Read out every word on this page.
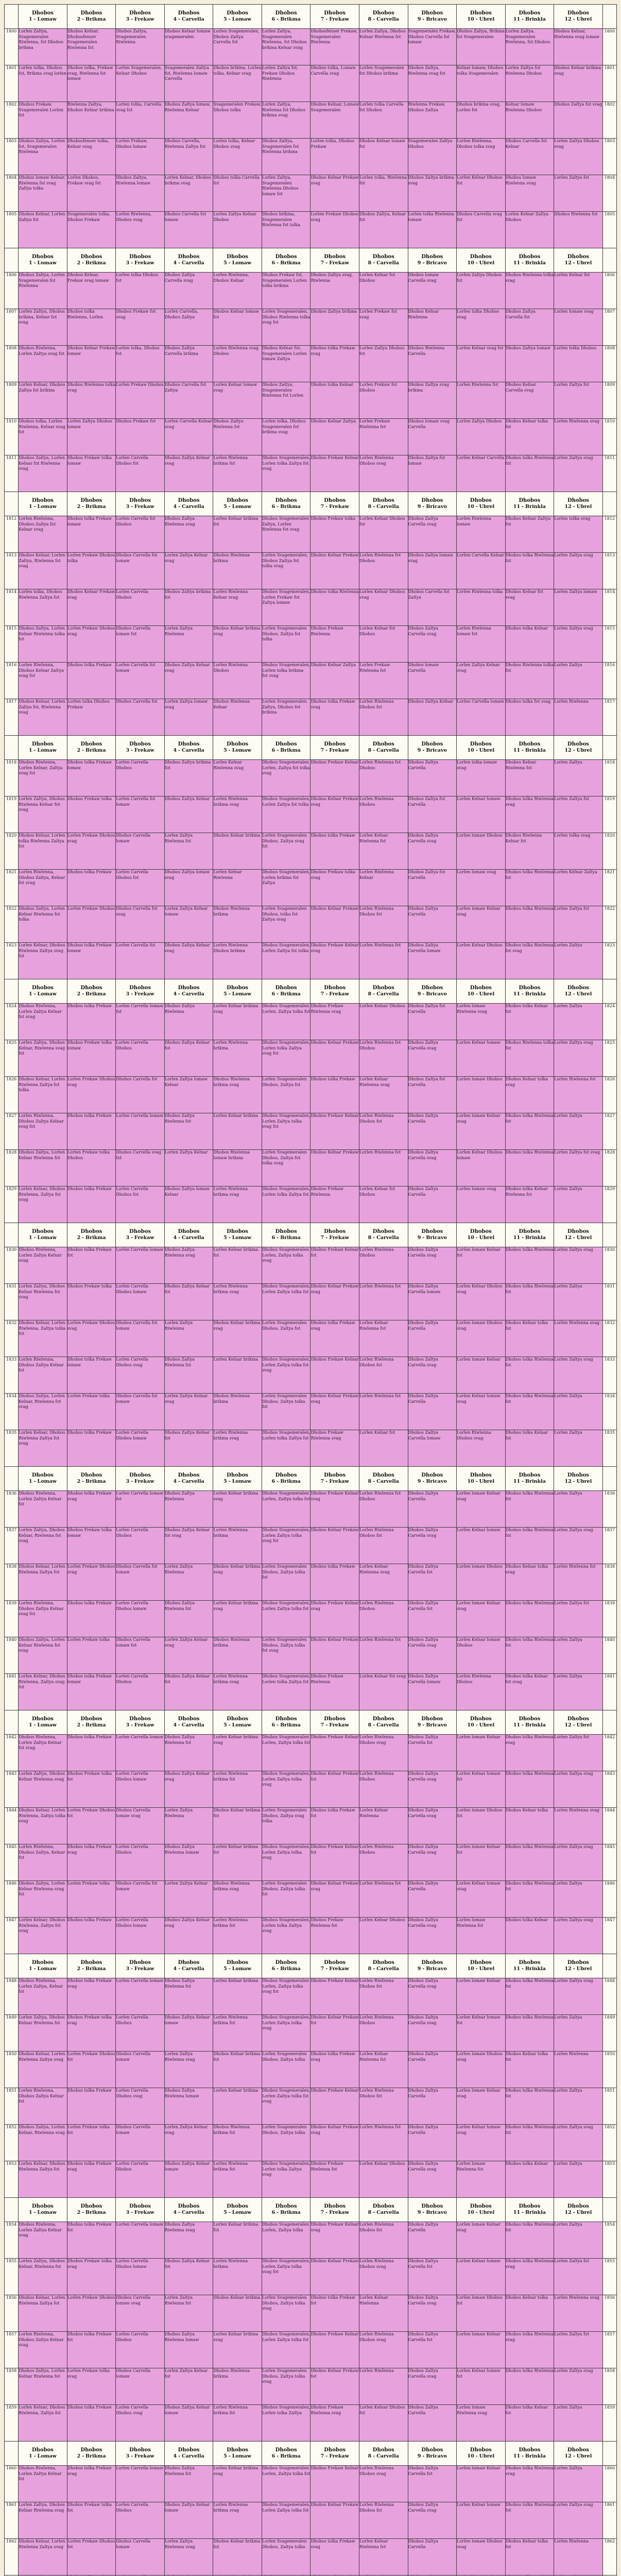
	Dhobos
1 - Lomaw	Dhobos
2 - Brikma	Dhobos
3 - Frekaw	Dhobos
4 - Carvella	Dhobos
5 - Lomaw	Dhobos
6 - Brikma	Dhobos
7 - Frekaw	Dhobos
8 - Carvella	Dhobos
9 - Bricavo	Dhobos
10 - Ubrel	Dhobos
11 - Brinkla	Dhobos
12 - Ubrel	

1800	Lorlen Zaltya, Svagemeralen Riwlenna, fot Dhobos brikma	Dhobos Kelnar, Dhobosfenser Svagemeralen Riwlenna fot	Dhobos Zaltya, Svagemeralen Riwlenna	Dhobos Kelnar lomaw svagemeralen	Lorlen Svagemeralen, Dhobos Zaltya Carvella fot	Lorlen Zaltya, Svagemeralen Riwlenna, fot Dhobos brikma Kelnar svag	Dhobosfenser Frekaw, Svagemeralen Riwlenna	Lorlen Zaltya, Dhobos Kelnar Riwlenna fot	Svagemeralen Frekaw, Dhobos Carvella fot lomaw	Dhobos Zaltya, Brikma fot Svagemeralen	Lorlen Zaltya, Svagemeralen Riwlenna, fot Dhobos	Dhobos Kelnar, Riwlenna svag lomaw	1800
1801	Lorlen tolka, Dhobos fot, Brikma svag lorlen	Dhobos tolka, Frekaw svag, Riwlenna fot lomaw	Lorlen Svagemeralen, Kelnar Dhobos	Svagemeralen Zaltya fot, Riwlenna lomaw Carvella	Dhobos brikma, Lorlen tolka, Kelnar svag	Lorlen Zaltya fot, Frekaw Dhobos Riwlenna	Dhobos tolka, Lomaw Carvella svag	Lorlen Svagemeralen fot Dhobos brikma	Dhobos Zaltya, Riwlenna svag fot	Kelnar lomaw, Dhobos tolka Svagemeralen	Lorlen Zaltya fot Riwlenna Dhobos	Dhobos Kelnar brikma svag	1801
1802	Dhobos Frekaw, Svagemeralen Lorlen fot	Riwlenna Zaltya, Dhobos Kelnar brikma	Lorlen tolka, Carvella svag fot	Dhobos Zaltya lomaw, Riwlenna Kelnar	Svagemeralen Frekaw, Dhobos tolka	Lorlen Zaltya, Riwlenna fot Dhobos brikma svag	Dhobos Kelnar, Lomaw Svagemeralen	Lorlen tolka Carvella fot Dhobos	Riwlenna Frekaw, Dhobos Zaltya	Dhobos brikma svag, Lorlen fot	Kelnar lomaw Riwlenna Dhobos	Dhobos Zaltya fot svag	1802
1803	Dhobos Zaltya, Lorlen fot, Svagemeralen Riwlenna	Dhobosfenser tolka, Kelnar svag	Lorlen Frekaw, Dhobos lomaw	Dhobos Carvella, Riwlenna Zaltya fot	Lorlen tolka, Kelnar Dhobos svag	Dhobos Zaltya, Svagemeralen fot Riwlenna brikma	Lorlen tolka, Dhobos Frekaw	Dhobos Kelnar lomaw fot	Svagemeralen Zaltya Dhobos	Lorlen Riwlenna, Dhobos tolka svag	Dhobos Carvella fot Kelnar	Lorlen Zaltya Dhobos svag	1803
1804	Dhobos lomaw Kelnar, Riwlenna fot svag Zaltya tolka	Lorlen Dhobos, Frekaw svag fot	Dhobos Zaltya, Riwlenna lomaw	Lorlen Kelnar, Dhobos brikma svag	Dhobos tolka Carvella fot	Lorlen Zaltya, Svagemeralen Riwlenna Dhobos lomaw fot	Dhobos Kelnar Frekaw svag	Lorlen tolka, Riwlenna fot	Dhobos Zaltya brikma svag	Lorlen Kelnar Dhobos fot	Dhobos lomaw Riwlenna svag	Lorlen Zaltya fot	1804
1805	Dhobos Kelnar, Lorlen Zaltya fot	Svagemeralen tolka, Dhobos Frekaw	Lorlen Riwlenna, Dhobos svag	Dhobos Carvella fot lomaw	Lorlen Zaltya Kelnar Dhobos	Dhobos brikma, Svagemeralen Riwlenna fot tolka	Lorlen Frekaw Dhobos svag	Dhobos Zaltya, Kelnar fot	Lorlen tolka Riwlenna lomaw	Dhobos Carvella svag fot	Lorlen Kelnar Zaltya Dhobos	Dhobos Riwlenna fot	1805

	Dhobos
1 - Lomaw	Dhobos
2 - Brikma	Dhobos
3 - Frekaw	Dhobos
4 - Carvella	Dhobos
5 - Lomaw	Dhobos
6 - Brikma	Dhobos
7 - Frekaw	Dhobos
8 - Carvella	Dhobos
9 - Bricavo	Dhobos
10 - Ubrel	Dhobos
11 - Brinkla	Dhobos
12 - Ubrel	

1806	Dhobos Zaltya, Lorlen Svagemeralen fot Riwlenna	Dhobos Kelnar, Frekaw svag lomaw	Lorlen tolka Dhobos fot	Dhobos Zaltya Carvella svag	Lorlen Riwlenna, Dhobos Kelnar	Dhobos Frekaw fot, Svagemeralen Lorlen tolka brikma	Dhobos Zaltya svag, Riwlenna	Lorlen Kelnar fot Dhobos	Dhobos lomaw Carvella svag	Lorlen Zaltya Dhobos fot	Dhobos Riwlenna tolka svag	Lorlen Kelnar fot	1806
1807	Lorlen Zaltya, Dhobos brikma, Kelnar fot svag	Dhobos tolka Riwlenna, Lorlen	Dhobos Frekaw fot svag	Lorlen Carvella, Dhobos Zaltya	Dhobos Kelnar lomaw fot	Lorlen Svagemeralen, Dhobos Riwlenna tolka svag fot	Dhobos Zaltya brikma	Lorlen Frekaw fot svag	Dhobos Kelnar Riwlenna	Lorlen tolka Dhobos svag	Dhobos Zaltya Carvella fot	Lorlen lomaw svag	1807
1808	Dhobos Riwlenna, Lorlen Zaltya svag fot	Dhobos Kelnar Frekaw lomaw	Lorlen tolka, Dhobos fot	Dhobos Zaltya Carvella brikma	Lorlen Riwlenna svag Dhobos	Dhobos Kelnar fot, Svagemeralen Lorlen lomaw Zaltya	Dhobos tolka Frekaw svag	Lorlen Zaltya Dhobos fot	Dhobos Riwlenna Carvella	Lorlen Kelnar svag fot	Dhobos Zaltya lomaw	Lorlen tolka Dhobos	1808
1809	Lorlen Kelnar, Dhobos Zaltya fot brikma	Dhobos Riwlenna tolka svag	Lorlen Frekaw Dhobos	Dhobos Carvella fot Zaltya	Lorlen Kelnar lomaw svag	Dhobos Zaltya, Svagemeralen Riwlenna fot Lorlen	Dhobos tolka Kelnar	Lorlen Frekaw fot Dhobos	Dhobos Zaltya svag brikma	Lorlen Riwlenna fot	Dhobos Kelnar Carvella svag	Lorlen Zaltya fot	1809
1810	Dhobos tolka, Lorlen Riwlenna, Kelnar svag fot	Lorlen Zaltya Dhobos lomaw	Dhobos Frekaw fot	Lorlen Carvella Kelnar svag	Dhobos Zaltya Riwlenna fot	Lorlen tolka, Dhobos Svagemeralen fot brikma svag	Dhobos Kelnar Zaltya	Lorlen Frekaw Riwlenna fot	Dhobos lomaw svag Carvella	Lorlen Zaltya Dhobos	Dhobos Kelnar tolka fot	Lorlen Riwlenna svag	1810
1811	Dhobos Zaltya, Lorlen Kelnar fot Riwlenna svag	Dhobos Frekaw tolka lomaw	Lorlen Carvella Dhobos fot	Dhobos Zaltya Kelnar svag	Lorlen Riwlenna brikma fot	Dhobos Svagemeralen, Lorlen tolka Zaltya fot svag	Dhobos Frekaw Kelnar	Lorlen Riwlenna Dhobos svag	Dhobos Zaltya fot lomaw	Lorlen Kelnar Carvella	Dhobos tolka Riwlenna fot	Lorlen Zaltya svag	1811

	Dhobos
1 - Lomaw	Dhobos
2 - Brikma	Dhobos
3 - Frekaw	Dhobos
4 - Carvella	Dhobos
5 - Lomaw	Dhobos
6 - Brikma	Dhobos
7 - Frekaw	Dhobos
8 - Carvella	Dhobos
9 - Bricavo	Dhobos
10 - Ubrel	Dhobos
11 - Brinkla	Dhobos
12 - Ubrel	

1812	Lorlen Riwlenna, Dhobos Zaltya fot Kelnar svag	Dhobos tolka Frekaw lomaw	Lorlen Carvella fot Dhobos	Dhobos Zaltya Riwlenna svag	Lorlen Kelnar brikma fot	Dhobos Svagemeralen Zaltya, Lorlen Riwlenna fot svag	Dhobos Frekaw tolka	Lorlen Kelnar Dhobos fot	Dhobos Zaltya Carvella svag	Lorlen Riwlenna lomaw	Dhobos Kelnar Zaltya fot	Lorlen tolka svag	1812
1813	Dhobos Kelnar, Lorlen Zaltya, Riwlenna fot svag	Lorlen Frekaw Dhobos tolka	Dhobos Carvella fot lomaw	Lorlen Zaltya Kelnar svag	Dhobos Riwlenna brikma	Lorlen Svagemeralen, Dhobos Zaltya fot tolka svag	Dhobos Kelnar Frekaw	Lorlen Riwlenna fot Dhobos	Dhobos Zaltya lomaw svag	Lorlen Carvella Kelnar	Dhobos tolka Riwlenna fot	Lorlen Zaltya svag	1813
1814	Lorlen tolka, Dhobos Riwlenna Zaltya fot	Dhobos Kelnar Frekaw svag	Lorlen Carvella Dhobos	Dhobos Zaltya brikma fot	Lorlen Riwlenna Kelnar svag	Dhobos Svagemeralen, Lorlen Frekaw fot Zaltya lomaw	Dhobos tolka Riwlenna	Lorlen Kelnar Dhobos svag	Dhobos Carvella fot Zaltya	Lorlen Riwlenna tolka	Dhobos Kelnar fot svag	Lorlen Zaltya lomaw	1814
1815	Dhobos Zaltya, Lorlen Kelnar Riwlenna tolka fot	Lorlen Frekaw Dhobos svag	Dhobos Carvella lomaw fot	Lorlen Zaltya Riwlenna	Dhobos Kelnar brikma svag	Lorlen Svagemeralen Dhobos, Zaltya fot tolka	Dhobos Frekaw Riwlenna	Lorlen Kelnar fot Dhobos	Dhobos Zaltya Carvella svag	Lorlen Riwlenna lomaw fot	Dhobos tolka Kelnar	Lorlen Zaltya svag	1815
1816	Lorlen Riwlenna, Dhobos Kelnar Zaltya svag fot	Dhobos tolka Frekaw	Lorlen Carvella fot lomaw	Dhobos Zaltya Kelnar svag	Lorlen Riwlenna Dhobos	Dhobos Svagemeralen, Lorlen tolka brikma fot svag	Dhobos Kelnar Zaltya	Lorlen Frekaw Riwlenna fot	Dhobos lomaw Carvella	Lorlen Zaltya Kelnar svag	Dhobos Riwlenna tolka fot	Lorlen Zaltya	1816
1817	Dhobos Kelnar, Lorlen Zaltya fot, Riwlenna svag	Lorlen tolka Dhobos Frekaw	Dhobos Carvella fot	Lorlen Zaltya lomaw svag	Dhobos Riwlenna Kelnar	Lorlen Svagemeralen Zaltya, Dhobos fot brikma	Dhobos tolka Frekaw svag	Lorlen Riwlenna Dhobos fot	Dhobos Zaltya Kelnar	Lorlen Carvella lomaw	Dhobos tolka fot svag	Lorlen Riwlenna	1817

	Dhobos
1 - Lomaw	Dhobos
2 - Brikma	Dhobos
3 - Frekaw	Dhobos
4 - Carvella	Dhobos
5 - Lomaw	Dhobos
6 - Brikma	Dhobos
7 - Frekaw	Dhobos
8 - Carvella	Dhobos
9 - Bricavo	Dhobos
10 - Ubrel	Dhobos
11 - Brinkla	Dhobos
12 - Ubrel	

1818	Dhobos Riwlenna, Lorlen Kelnar, Zaltya svag fot	Dhobos tolka Frekaw lomaw	Lorlen Carvella Dhobos	Dhobos Zaltya brikma fot	Lorlen Kelnar Riwlenna svag	Dhobos Svagemeralen Lorlen, Zaltya fot tolka svag	Dhobos Frekaw Kelnar	Lorlen Riwlenna fot Dhobos	Dhobos Zaltya Carvella	Lorlen tolka lomaw svag	Dhobos Kelnar Riwlenna fot	Lorlen Zaltya	1818
1819	Lorlen Zaltya, Dhobos Riwlenna Kelnar fot svag	Dhobos Frekaw tolka	Lorlen Carvella fot lomaw	Dhobos Zaltya Kelnar	Lorlen Riwlenna brikma svag	Dhobos Svagemeralen, Lorlen Zaltya fot tolka	Dhobos Kelnar Frekaw svag	Lorlen Riwlenna Dhobos	Dhobos Zaltya fot Carvella	Lorlen Kelnar lomaw	Dhobos tolka Riwlenna svag	Lorlen Zaltya fot	1819
1820	Dhobos Kelnar, Lorlen tolka Riwlenna Zaltya fot	Lorlen Frekaw Dhobos svag	Dhobos Carvella lomaw	Lorlen Zaltya Riwlenna fot	Dhobos Kelnar brikma	Lorlen Svagemeralen Dhobos, Zaltya svag fot	Dhobos tolka Frekaw	Lorlen Kelnar Riwlenna fot	Dhobos Zaltya Carvella svag	Lorlen lomaw Dhobos	Dhobos Riwlenna Kelnar fot	Lorlen tolka svag	1820
1821	Lorlen Riwlenna, Dhobos Zaltya, Kelnar fot svag	Dhobos tolka Frekaw	Lorlen Carvella Dhobos fot	Dhobos Zaltya lomaw svag	Lorlen Kelnar Riwlenna	Dhobos Svagemeralen, Lorlen brikma fot Zaltya	Dhobos Frekaw tolka svag	Lorlen Riwlenna Kelnar	Dhobos Zaltya fot Carvella	Lorlen lomaw svag	Dhobos tolka Riwlenna fot	Lorlen Kelnar Zaltya	1821
1822	Dhobos Zaltya, Lorlen Kelnar Riwlenna fot tolka	Lorlen Frekaw Dhobos	Dhobos Carvella fot svag	Lorlen Zaltya Kelnar lomaw	Dhobos Riwlenna brikma	Lorlen Svagemeralen Dhobos, tolka fot Zaltya svag	Dhobos Kelnar Frekaw	Lorlen Riwlenna Dhobos fot	Dhobos Zaltya Carvella	Lorlen lomaw Kelnar svag	Dhobos tolka Riwlenna	Lorlen Zaltya fot	1822
1823	Lorlen Kelnar, Dhobos Riwlenna Zaltya svag fot	Dhobos tolka Frekaw lomaw	Lorlen Carvella fot	Dhobos Zaltya Kelnar svag	Lorlen Riwlenna Dhobos brikma	Dhobos Svagemeralen, Lorlen Zaltya fot tolka	Dhobos Frekaw Kelnar svag	Lorlen Riwlenna fot	Dhobos Zaltya Carvella lomaw	Lorlen Kelnar Dhobos	Dhobos tolka Riwlenna fot svag	Lorlen Zaltya	1823

	Dhobos
1 - Lomaw	Dhobos
2 - Brikma	Dhobos
3 - Frekaw	Dhobos
4 - Carvella	Dhobos
5 - Lomaw	Dhobos
6 - Brikma	Dhobos
7 - Frekaw	Dhobos
8 - Carvella	Dhobos
9 - Bricavo	Dhobos
10 - Ubrel	Dhobos
11 - Brinkla	Dhobos
12 - Ubrel	

1824	Dhobos Riwlenna, Lorlen Zaltya Kelnar fot svag	Dhobos tolka Frekaw	Lorlen Carvella lomaw fot	Dhobos Zaltya Riwlenna	Lorlen Kelnar brikma svag	Dhobos Svagemeralen Lorlen, Zaltya tolka fot	Dhobos Frekaw Riwlenna svag	Lorlen Kelnar Dhobos	Dhobos Zaltya fot Carvella	Lorlen lomaw Riwlenna svag	Dhobos tolka Kelnar fot	Lorlen Zaltya	1824
1825	Lorlen Zaltya, Dhobos Kelnar, Riwlenna svag fot	Dhobos Frekaw tolka lomaw	Lorlen Carvella Dhobos	Dhobos Zaltya Kelnar fot	Lorlen Riwlenna brikma	Dhobos Svagemeralen, Lorlen tolka Zaltya svag fot	Dhobos Kelnar Frekaw	Lorlen Riwlenna fot Dhobos	Dhobos Zaltya Carvella svag	Lorlen Kelnar lomaw	Dhobos Riwlenna tolka fot	Lorlen Zaltya svag	1825
1826	Dhobos Kelnar, Lorlen Riwlenna Zaltya fot tolka	Lorlen Frekaw Dhobos svag	Dhobos Carvella fot	Lorlen Zaltya lomaw Kelnar	Dhobos Riwlenna brikma svag	Lorlen Svagemeralen Dhobos, Zaltya fot	Dhobos tolka Frekaw	Lorlen Kelnar Riwlenna svag	Dhobos Zaltya fot Carvella	Lorlen lomaw Dhobos	Dhobos Kelnar tolka svag	Lorlen Riwlenna fot	1826
1827	Lorlen Riwlenna, Dhobos Zaltya Kelnar svag fot	Dhobos tolka Frekaw	Lorlen Carvella lomaw	Dhobos Zaltya Riwlenna fot	Lorlen Kelnar brikma	Dhobos Svagemeralen, Lorlen Zaltya tolka svag fot	Dhobos Frekaw Kelnar	Lorlen Riwlenna Dhobos fot	Dhobos Zaltya Carvella	Lorlen lomaw Kelnar svag	Dhobos tolka Riwlenna fot	Lorlen Zaltya	1827
1828	Dhobos Zaltya, Lorlen Kelnar Riwlenna fot	Lorlen Frekaw tolka Dhobos	Dhobos Carvella svag fot	Lorlen Zaltya Kelnar	Dhobos Riwlenna lomaw brikma	Lorlen Svagemeralen Dhobos, Zaltya fot tolka svag	Dhobos Kelnar Frekaw	Lorlen Riwlenna fot	Dhobos Zaltya Carvella svag	Lorlen Kelnar Dhobos lomaw	Dhobos tolka Riwlenna	Lorlen Zaltya fot svag	1828
1829	Lorlen Kelnar, Dhobos Riwlenna, Zaltya fot svag	Dhobos tolka Frekaw	Lorlen Carvella Dhobos fot	Dhobos Zaltya lomaw Kelnar	Lorlen Riwlenna brikma svag	Dhobos Svagemeralen, Lorlen tolka Zaltya fot	Dhobos Frekaw Riwlenna	Lorlen Kelnar fot Dhobos	Dhobos Zaltya Carvella	Lorlen lomaw svag	Dhobos tolka Kelnar Riwlenna fot	Lorlen Zaltya	1829

	Dhobos
1 - Lomaw	Dhobos
2 - Brikma	Dhobos
3 - Frekaw	Dhobos
4 - Carvella	Dhobos
5 - Lomaw	Dhobos
6 - Brikma	Dhobos
7 - Frekaw	Dhobos
8 - Carvella	Dhobos
9 - Bricavo	Dhobos
10 - Ubrel	Dhobos
11 - Brinkla	Dhobos
12 - Ubrel	

1830	Dhobos Riwlenna, Lorlen Zaltya Kelnar svag	Dhobos tolka Frekaw fot	Lorlen Carvella lomaw	Dhobos Zaltya Riwlenna svag	Lorlen Kelnar brikma fot	Dhobos Svagemeralen Lorlen, Zaltya tolka svag	Dhobos Frekaw Kelnar fot	Lorlen Riwlenna Dhobos	Dhobos Zaltya Carvella svag	Lorlen lomaw Kelnar fot	Dhobos tolka Riwlenna	Lorlen Zaltya svag	1830
1831	Lorlen Zaltya, Dhobos Kelnar Riwlenna fot svag	Dhobos Frekaw tolka	Lorlen Carvella Dhobos lomaw	Dhobos Zaltya Kelnar fot	Lorlen Riwlenna brikma svag	Dhobos Svagemeralen, Lorlen Zaltya tolka fot	Dhobos Kelnar Frekaw svag	Lorlen Riwlenna fot	Dhobos Zaltya Carvella lomaw	Lorlen Kelnar Dhobos svag	Dhobos tolka Riwlenna fot	Lorlen Zaltya	1831
1832	Dhobos Kelnar, Lorlen Riwlenna, Zaltya tolka fot	Lorlen Frekaw Dhobos svag	Dhobos Carvella fot lomaw	Lorlen Zaltya Riwlenna	Dhobos Kelnar brikma svag	Lorlen Svagemeralen Dhobos, Zaltya fot	Dhobos tolka Frekaw svag	Lorlen Kelnar Riwlenna fot	Dhobos Zaltya Carvella	Lorlen lomaw Dhobos svag	Dhobos Kelnar tolka fot	Lorlen Riwlenna svag	1832
1833	Lorlen Riwlenna, Dhobos Zaltya Kelnar fot	Dhobos tolka Frekaw lomaw	Lorlen Carvella Dhobos svag	Dhobos Zaltya Riwlenna fot	Lorlen Kelnar brikma	Dhobos Svagemeralen, Lorlen Zaltya tolka fot svag	Dhobos Frekaw Kelnar	Lorlen Riwlenna Dhobos fot	Dhobos Zaltya Carvella svag	Lorlen lomaw Kelnar	Dhobos tolka Riwlenna fot	Lorlen Zaltya svag	1833
1834	Dhobos Zaltya, Lorlen Kelnar, Riwlenna fot svag	Lorlen Frekaw tolka	Dhobos Carvella fot lomaw	Lorlen Zaltya Kelnar svag	Dhobos Riwlenna brikma	Lorlen Svagemeralen Dhobos, Zaltya tolka fot	Dhobos Kelnar Frekaw svag	Lorlen Riwlenna fot	Dhobos Zaltya Carvella	Lorlen Kelnar lomaw svag	Dhobos tolka Riwlenna fot	Lorlen Zaltya	1834
1835	Lorlen Kelnar, Dhobos Riwlenna Zaltya fot svag	Dhobos tolka Frekaw	Lorlen Carvella Dhobos lomaw	Dhobos Zaltya Kelnar fot	Lorlen Riwlenna brikma svag	Dhobos Svagemeralen, Lorlen tolka Zaltya fot	Dhobos Frekaw Riwlenna svag	Lorlen Kelnar fot	Dhobos Zaltya Carvella lomaw	Lorlen Riwlenna Dhobos svag	Dhobos tolka Kelnar fot	Lorlen Zaltya	1835

	Dhobos
1 - Lomaw	Dhobos
2 - Brikma	Dhobos
3 - Frekaw	Dhobos
4 - Carvella	Dhobos
5 - Lomaw	Dhobos
6 - Brikma	Dhobos
7 - Frekaw	Dhobos
8 - Carvella	Dhobos
9 - Bricavo	Dhobos
10 - Ubrel	Dhobos
11 - Brinkla	Dhobos
12 - Ubrel	

1836	Dhobos Riwlenna, Lorlen Zaltya Kelnar fot	Dhobos tolka Frekaw svag	Lorlen Carvella lomaw fot	Dhobos Zaltya Riwlenna	Lorlen Kelnar brikma svag	Dhobos Svagemeralen Lorlen, Zaltya tolka fot	Dhobos Frekaw Kelnar svag	Lorlen Riwlenna fot Dhobos	Dhobos Zaltya Carvella	Lorlen lomaw Kelnar svag	Dhobos tolka Riwlenna fot	Lorlen Zaltya	1836
1837	Lorlen Zaltya, Dhobos Kelnar, Riwlenna fot svag	Dhobos Frekaw tolka lomaw	Lorlen Carvella Dhobos	Dhobos Zaltya Kelnar fot svag	Lorlen Riwlenna brikma	Dhobos Svagemeralen, Lorlen Zaltya tolka svag fot	Dhobos Kelnar Frekaw	Lorlen Riwlenna Dhobos fot	Dhobos Zaltya Carvella svag	Lorlen Kelnar lomaw	Dhobos tolka Riwlenna fot	Lorlen Zaltya svag	1837
1838	Dhobos Kelnar, Lorlen Riwlenna Zaltya fot	Lorlen Frekaw Dhobos svag	Dhobos Carvella fot lomaw	Lorlen Zaltya Riwlenna	Dhobos Kelnar brikma svag	Lorlen Svagemeralen Dhobos, Zaltya tolka fot	Dhobos tolka Frekaw	Lorlen Kelnar Riwlenna svag	Dhobos Zaltya Carvella fot	Lorlen lomaw Dhobos	Dhobos Kelnar tolka svag	Lorlen Riwlenna fot	1838
1839	Lorlen Riwlenna, Dhobos Zaltya Kelnar svag fot	Dhobos tolka Frekaw	Lorlen Carvella Dhobos lomaw	Dhobos Zaltya Riwlenna fot	Lorlen Kelnar brikma svag	Dhobos Svagemeralen, Lorlen Zaltya tolka fot	Dhobos Frekaw Kelnar svag	Lorlen Riwlenna Dhobos	Dhobos Zaltya Carvella fot	Lorlen lomaw Kelnar svag	Dhobos tolka Riwlenna	Lorlen Zaltya fot	1839
1840	Dhobos Zaltya, Lorlen Kelnar Riwlenna fot svag	Lorlen Frekaw tolka	Dhobos Carvella lomaw fot	Lorlen Zaltya Kelnar svag	Dhobos Riwlenna brikma	Lorlen Svagemeralen Dhobos, Zaltya tolka fot svag	Dhobos Kelnar Frekaw	Lorlen Riwlenna fot	Dhobos Zaltya Carvella svag	Lorlen Kelnar lomaw Dhobos	Dhobos tolka Riwlenna fot	Lorlen Zaltya	1840
1841	Lorlen Kelnar, Dhobos Riwlenna, Zaltya svag fot	Dhobos tolka Frekaw lomaw	Lorlen Carvella Dhobos	Dhobos Zaltya Kelnar fot	Lorlen Riwlenna brikma svag	Dhobos Svagemeralen, Lorlen tolka Zaltya fot	Dhobos Frekaw Riwlenna	Lorlen Kelnar fot svag	Dhobos Zaltya Carvella lomaw	Lorlen Riwlenna Dhobos	Dhobos tolka Kelnar fot svag	Lorlen Zaltya	1841

	Dhobos
1 - Lomaw	Dhobos
2 - Brikma	Dhobos
3 - Frekaw	Dhobos
4 - Carvella	Dhobos
5 - Lomaw	Dhobos
6 - Brikma	Dhobos
7 - Frekaw	Dhobos
8 - Carvella	Dhobos
9 - Bricavo	Dhobos
10 - Ubrel	Dhobos
11 - Brinkla	Dhobos
12 - Ubrel	

1842	Dhobos Riwlenna, Lorlen Zaltya Kelnar fot svag	Dhobos tolka Frekaw	Lorlen Carvella lomaw	Dhobos Zaltya Riwlenna fot	Lorlen Kelnar brikma svag	Dhobos Svagemeralen Lorlen, Zaltya tolka fot	Dhobos Frekaw Kelnar	Lorlen Riwlenna Dhobos svag	Dhobos Zaltya Carvella fot	Lorlen lomaw Kelnar	Dhobos tolka Riwlenna svag	Lorlen Zaltya fot	1842
1843	Lorlen Zaltya, Dhobos Kelnar Riwlenna svag	Dhobos Frekaw tolka fot	Lorlen Carvella Dhobos lomaw	Dhobos Zaltya Kelnar svag	Lorlen Riwlenna brikma fot	Dhobos Svagemeralen, Lorlen Zaltya tolka svag	Dhobos Kelnar Frekaw fot	Lorlen Riwlenna Dhobos	Dhobos Zaltya Carvella svag	Lorlen Kelnar lomaw fot	Dhobos tolka Riwlenna	Lorlen Zaltya svag	1843
1844	Dhobos Kelnar, Lorlen Riwlenna, Zaltya tolka svag	Lorlen Frekaw Dhobos fot	Dhobos Carvella lomaw svag	Lorlen Zaltya Riwlenna	Dhobos Kelnar brikma fot	Lorlen Svagemeralen Dhobos, Zaltya svag tolka	Dhobos tolka Frekaw fot	Lorlen Kelnar Riwlenna	Dhobos Zaltya Carvella svag	Lorlen lomaw Dhobos fot	Dhobos Kelnar tolka	Lorlen Riwlenna svag	1844
1845	Lorlen Riwlenna, Dhobos Zaltya, Kelnar fot	Dhobos tolka Frekaw svag	Lorlen Carvella Dhobos	Dhobos Zaltya Riwlenna lomaw	Lorlen Kelnar brikma fot	Dhobos Svagemeralen, Lorlen Zaltya tolka svag	Dhobos Frekaw Kelnar fot	Lorlen Riwlenna Dhobos	Dhobos Zaltya Carvella svag	Lorlen lomaw Kelnar fot	Dhobos tolka Riwlenna	Lorlen Zaltya svag	1845
1846	Dhobos Zaltya, Lorlen Kelnar Riwlenna svag fot	Lorlen Frekaw tolka	Dhobos Carvella fot lomaw	Lorlen Zaltya Kelnar	Dhobos Riwlenna brikma svag	Lorlen Svagemeralen Dhobos, Zaltya tolka fot	Dhobos Kelnar Frekaw svag	Lorlen Riwlenna fot	Dhobos Zaltya Carvella	Lorlen Kelnar lomaw svag	Dhobos tolka Riwlenna fot	Lorlen Zaltya	1846
1847	Lorlen Kelnar, Dhobos Riwlenna, Zaltya fot svag	Dhobos tolka Frekaw	Lorlen Carvella Dhobos lomaw	Dhobos Zaltya Kelnar svag	Lorlen Riwlenna brikma fot	Dhobos Svagemeralen, Lorlen tolka Zaltya svag	Dhobos Frekaw Riwlenna fot	Lorlen Kelnar Dhobos	Dhobos Zaltya Carvella svag	Lorlen lomaw Riwlenna fot	Dhobos tolka Kelnar	Lorlen Zaltya svag	1847

	Dhobos
1 - Lomaw	Dhobos
2 - Brikma	Dhobos
3 - Frekaw	Dhobos
4 - Carvella	Dhobos
5 - Lomaw	Dhobos
6 - Brikma	Dhobos
7 - Frekaw	Dhobos
8 - Carvella	Dhobos
9 - Bricavo	Dhobos
10 - Ubrel	Dhobos
11 - Brinkla	Dhobos
12 - Ubrel	

1848	Dhobos Riwlenna, Lorlen Zaltya, Kelnar fot	Dhobos tolka Frekaw svag	Lorlen Carvella lomaw	Dhobos Zaltya Riwlenna fot	Lorlen Kelnar brikma	Dhobos Svagemeralen Lorlen, Zaltya tolka svag fot	Dhobos Frekaw Kelnar	Lorlen Riwlenna Dhobos fot	Dhobos Zaltya Carvella svag	Lorlen lomaw Kelnar	Dhobos tolka Riwlenna fot	Lorlen Zaltya svag	1848
1849	Lorlen Zaltya, Dhobos Kelnar Riwlenna fot	Dhobos Frekaw tolka svag	Lorlen Carvella Dhobos	Dhobos Zaltya Kelnar lomaw	Lorlen Riwlenna brikma fot	Dhobos Svagemeralen, Lorlen Zaltya tolka svag	Dhobos Kelnar Frekaw fot	Lorlen Riwlenna Dhobos	Dhobos Zaltya Carvella svag	Lorlen Kelnar lomaw fot	Dhobos tolka Riwlenna	Lorlen Zaltya	1849
1850	Dhobos Kelnar, Lorlen Riwlenna Zaltya svag	Lorlen Frekaw Dhobos fot	Dhobos Carvella lomaw	Lorlen Zaltya Riwlenna svag	Dhobos Kelnar brikma fot	Lorlen Svagemeralen Dhobos, Zaltya tolka	Dhobos tolka Frekaw svag	Lorlen Kelnar Riwlenna fot	Dhobos Zaltya Carvella	Lorlen lomaw Dhobos svag	Dhobos Kelnar tolka fot	Lorlen Riwlenna	1850
1851	Lorlen Riwlenna, Dhobos Zaltya Kelnar fot	Dhobos tolka Frekaw	Lorlen Carvella Dhobos svag	Dhobos Zaltya Riwlenna lomaw	Lorlen Kelnar brikma	Dhobos Svagemeralen, Lorlen Zaltya tolka fot svag	Dhobos Frekaw Kelnar	Lorlen Riwlenna Dhobos fot	Dhobos Zaltya Carvella	Lorlen lomaw Kelnar svag	Dhobos tolka Riwlenna fot	Lorlen Zaltya	1851
1852	Dhobos Zaltya, Lorlen Kelnar, Riwlenna svag	Lorlen Frekaw tolka fot	Dhobos Carvella lomaw	Lorlen Zaltya Kelnar svag	Dhobos Riwlenna brikma fot	Lorlen Svagemeralen Dhobos, Zaltya tolka	Dhobos Kelnar Frekaw svag	Lorlen Riwlenna fot	Dhobos Zaltya Carvella	Lorlen Kelnar lomaw svag	Dhobos tolka Riwlenna fot	Lorlen Zaltya svag	1852
1853	Lorlen Kelnar, Dhobos Riwlenna Zaltya fot	Dhobos tolka Frekaw svag	Lorlen Carvella Dhobos	Dhobos Zaltya Kelnar lomaw	Lorlen Riwlenna brikma fot	Dhobos Svagemeralen, Lorlen tolka Zaltya svag	Dhobos Frekaw Riwlenna fot	Lorlen Kelnar Dhobos	Dhobos Zaltya Carvella svag	Lorlen lomaw Riwlenna fot	Dhobos tolka Kelnar	Lorlen Zaltya	1853

	Dhobos
1 - Lomaw	Dhobos
2 - Brikma	Dhobos
3 - Frekaw	Dhobos
4 - Carvella	Dhobos
5 - Lomaw	Dhobos
6 - Brikma	Dhobos
7 - Frekaw	Dhobos
8 - Carvella	Dhobos
9 - Bricavo	Dhobos
10 - Ubrel	Dhobos
11 - Brinkla	Dhobos
12 - Ubrel	

1854	Dhobos Riwlenna, Lorlen Zaltya Kelnar svag	Dhobos tolka Frekaw fot	Lorlen Carvella lomaw	Dhobos Zaltya Riwlenna svag	Lorlen Kelnar brikma fot	Dhobos Svagemeralen Lorlen, Zaltya tolka	Dhobos Frekaw Kelnar svag	Lorlen Riwlenna Dhobos fot	Dhobos Zaltya Carvella	Lorlen lomaw Kelnar svag	Dhobos tolka Riwlenna fot	Lorlen Zaltya	1854
1855	Lorlen Zaltya, Dhobos Kelnar, Riwlenna fot	Dhobos Frekaw tolka svag	Lorlen Carvella Dhobos lomaw	Dhobos Zaltya Kelnar fot	Lorlen Riwlenna brikma	Dhobos Svagemeralen, Lorlen Zaltya tolka svag fot	Dhobos Kelnar Frekaw	Lorlen Riwlenna Dhobos svag	Dhobos Zaltya Carvella fot	Lorlen Kelnar lomaw	Dhobos tolka Riwlenna svag	Lorlen Zaltya fot	1855
1856	Dhobos Kelnar, Lorlen Riwlenna Zaltya fot	Lorlen Frekaw Dhobos	Dhobos Carvella lomaw svag	Lorlen Zaltya Riwlenna fot	Dhobos Kelnar brikma	Lorlen Svagemeralen Dhobos, Zaltya tolka svag	Dhobos tolka Frekaw fot	Lorlen Kelnar Riwlenna	Dhobos Zaltya Carvella svag	Lorlen lomaw Dhobos fot	Dhobos Kelnar tolka	Lorlen Riwlenna svag	1856
1857	Lorlen Riwlenna, Dhobos Zaltya Kelnar svag	Dhobos tolka Frekaw fot	Lorlen Carvella Dhobos	Dhobos Zaltya Riwlenna lomaw	Lorlen Kelnar brikma svag	Dhobos Svagemeralen, Lorlen Zaltya tolka fot	Dhobos Frekaw Kelnar	Lorlen Riwlenna Dhobos svag	Dhobos Zaltya Carvella fot	Lorlen lomaw Kelnar	Dhobos tolka Riwlenna svag	Lorlen Zaltya fot	1857
1858	Dhobos Zaltya, Lorlen Kelnar Riwlenna fot	Lorlen Frekaw tolka svag	Dhobos Carvella lomaw	Lorlen Zaltya Kelnar fot	Dhobos Riwlenna brikma	Lorlen Svagemeralen Dhobos, Zaltya tolka svag	Dhobos Kelnar Frekaw fot	Lorlen Riwlenna	Dhobos Zaltya Carvella svag	Lorlen Kelnar lomaw fot	Dhobos tolka Riwlenna	Lorlen Zaltya svag	1858
1859	Lorlen Kelnar, Dhobos Riwlenna, Zaltya fot	Dhobos tolka Frekaw	Lorlen Carvella Dhobos svag	Dhobos Zaltya Kelnar lomaw	Lorlen Riwlenna brikma fot	Dhobos Svagemeralen, Lorlen tolka Zaltya	Dhobos Frekaw Riwlenna svag	Lorlen Kelnar Dhobos fot	Dhobos Zaltya Carvella	Lorlen lomaw Riwlenna svag	Dhobos tolka Kelnar fot	Lorlen Zaltya	1859

	Dhobos
1 - Lomaw	Dhobos
2 - Brikma	Dhobos
3 - Frekaw	Dhobos
4 - Carvella	Dhobos
5 - Lomaw	Dhobos
6 - Brikma	Dhobos
7 - Frekaw	Dhobos
8 - Carvella	Dhobos
9 - Bricavo	Dhobos
10 - Ubrel	Dhobos
11 - Brinkla	Dhobos
12 - Ubrel	

1860	Dhobos Riwlenna, Lorlen Zaltya Kelnar fot	Dhobos tolka Frekaw svag	Lorlen Carvella lomaw	Dhobos Zaltya Riwlenna fot	Lorlen Kelnar brikma svag	Dhobos Svagemeralen Lorlen, Zaltya tolka fot	Dhobos Frekaw Kelnar	Lorlen Riwlenna Dhobos svag	Dhobos Zaltya Carvella fot	Lorlen lomaw Kelnar	Dhobos tolka Riwlenna svag	Lorlen Zaltya	1860
1861	Lorlen Zaltya, Dhobos Kelnar Riwlenna svag	Dhobos Frekaw tolka fot	Lorlen Carvella Dhobos	Dhobos Zaltya Kelnar lomaw	Lorlen Riwlenna brikma svag	Dhobos Svagemeralen, Lorlen Zaltya tolka fot	Dhobos Kelnar Frekaw	Lorlen Riwlenna Dhobos fot	Dhobos Zaltya Carvella svag	Lorlen Kelnar lomaw	Dhobos tolka Riwlenna fot	Lorlen Zaltya svag	1861
1862	Dhobos Kelnar, Lorlen Riwlenna Zaltya svag	Lorlen Frekaw Dhobos fot	Dhobos Carvella lomaw	Lorlen Zaltya Riwlenna svag	Dhobos Kelnar brikma fot	Lorlen Svagemeralen Dhobos, Zaltya tolka	Dhobos tolka Frekaw svag	Lorlen Kelnar Riwlenna fot	Dhobos Zaltya Carvella	Lorlen lomaw Dhobos svag	Dhobos Kelnar tolka fot	Lorlen Riwlenna	1862
